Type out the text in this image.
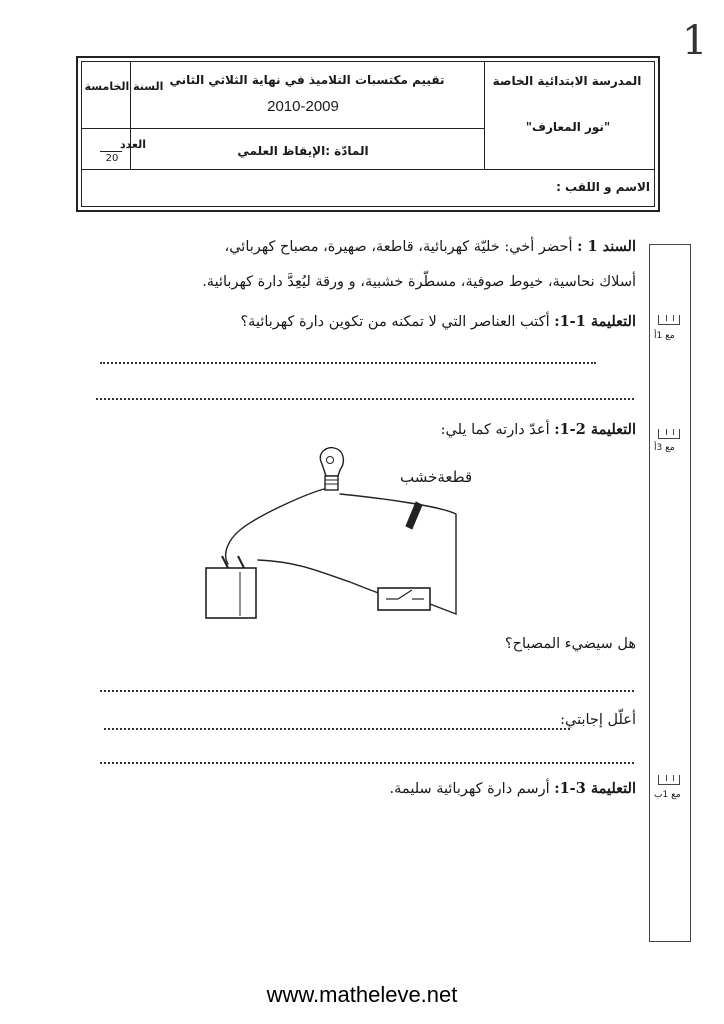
1
المدرسة الابتدائية الخاصة
"نور المعارف"
تقييم مكتسبات التلاميذ في نهاية الثلاثي الثاني
2010-2009
المادّة :الإيقاظ العلمي
السنة الخامسة
العدد
20
الاسم و اللقب :
مع 1أ
مع 3أ
مع 1ب
السند 1 : أحضر أخي: خليّة كهربائية، قاطعة، صهيرة، مصباح كهربائي،
أسلاك نحاسية، خيوط صوفية، مسطّرة خشبية، و ورقة ليُعِدَّ دارة كهربائية.
التعليمة 1-1: أكتب العناصر التي لا تمكنه من تكوين دارة كهربائية؟
التعليمة 2-1: أعدّ دارته كما يلي:
قطعةخشب
هل سيضيء المصباح؟
أعلّل إجابتي:
التعليمة 3-1: أرسم دارة كهربائية سليمة.
www.matheleve.net
